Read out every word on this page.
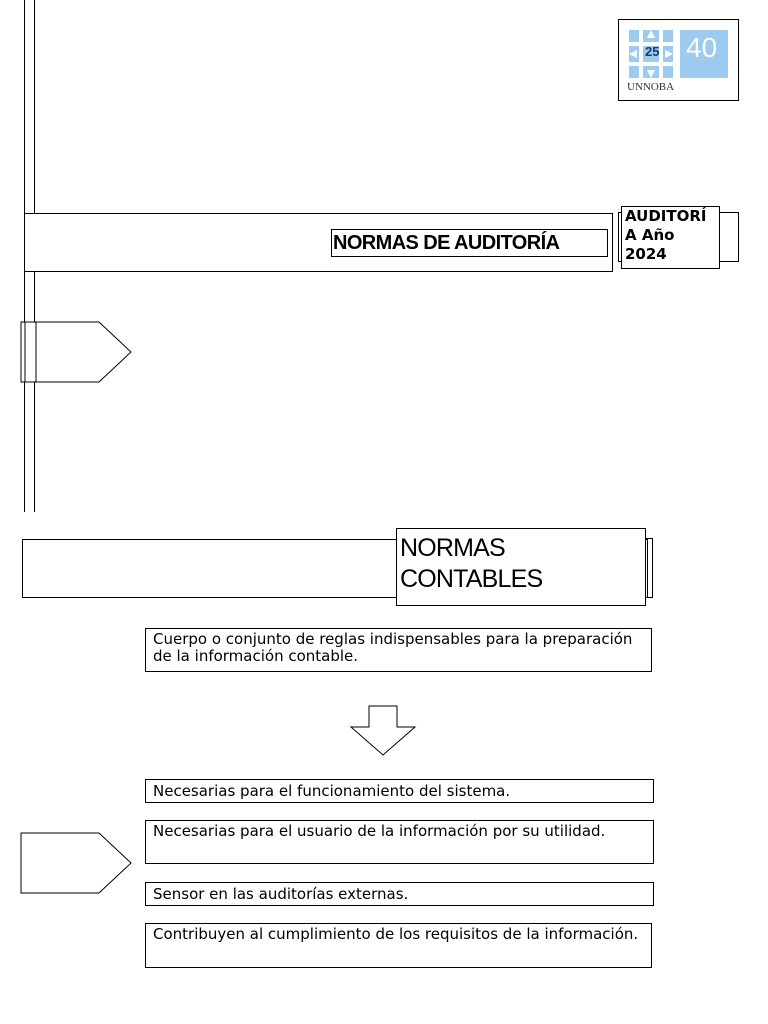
25 40
UNNOBA
NORMAS DE AUDITORÍA
AUDITORÍ
A Año
2024
NORMAS
CONTABLES
Cuerpo o conjunto de reglas indispensables para la preparación de la información contable.
Necesarias para el funcionamiento del sistema.
Necesarias para el usuario de la información por su utilidad.
Sensor en las auditorías externas.
Contribuyen al cumplimiento de los requisitos de la información.
